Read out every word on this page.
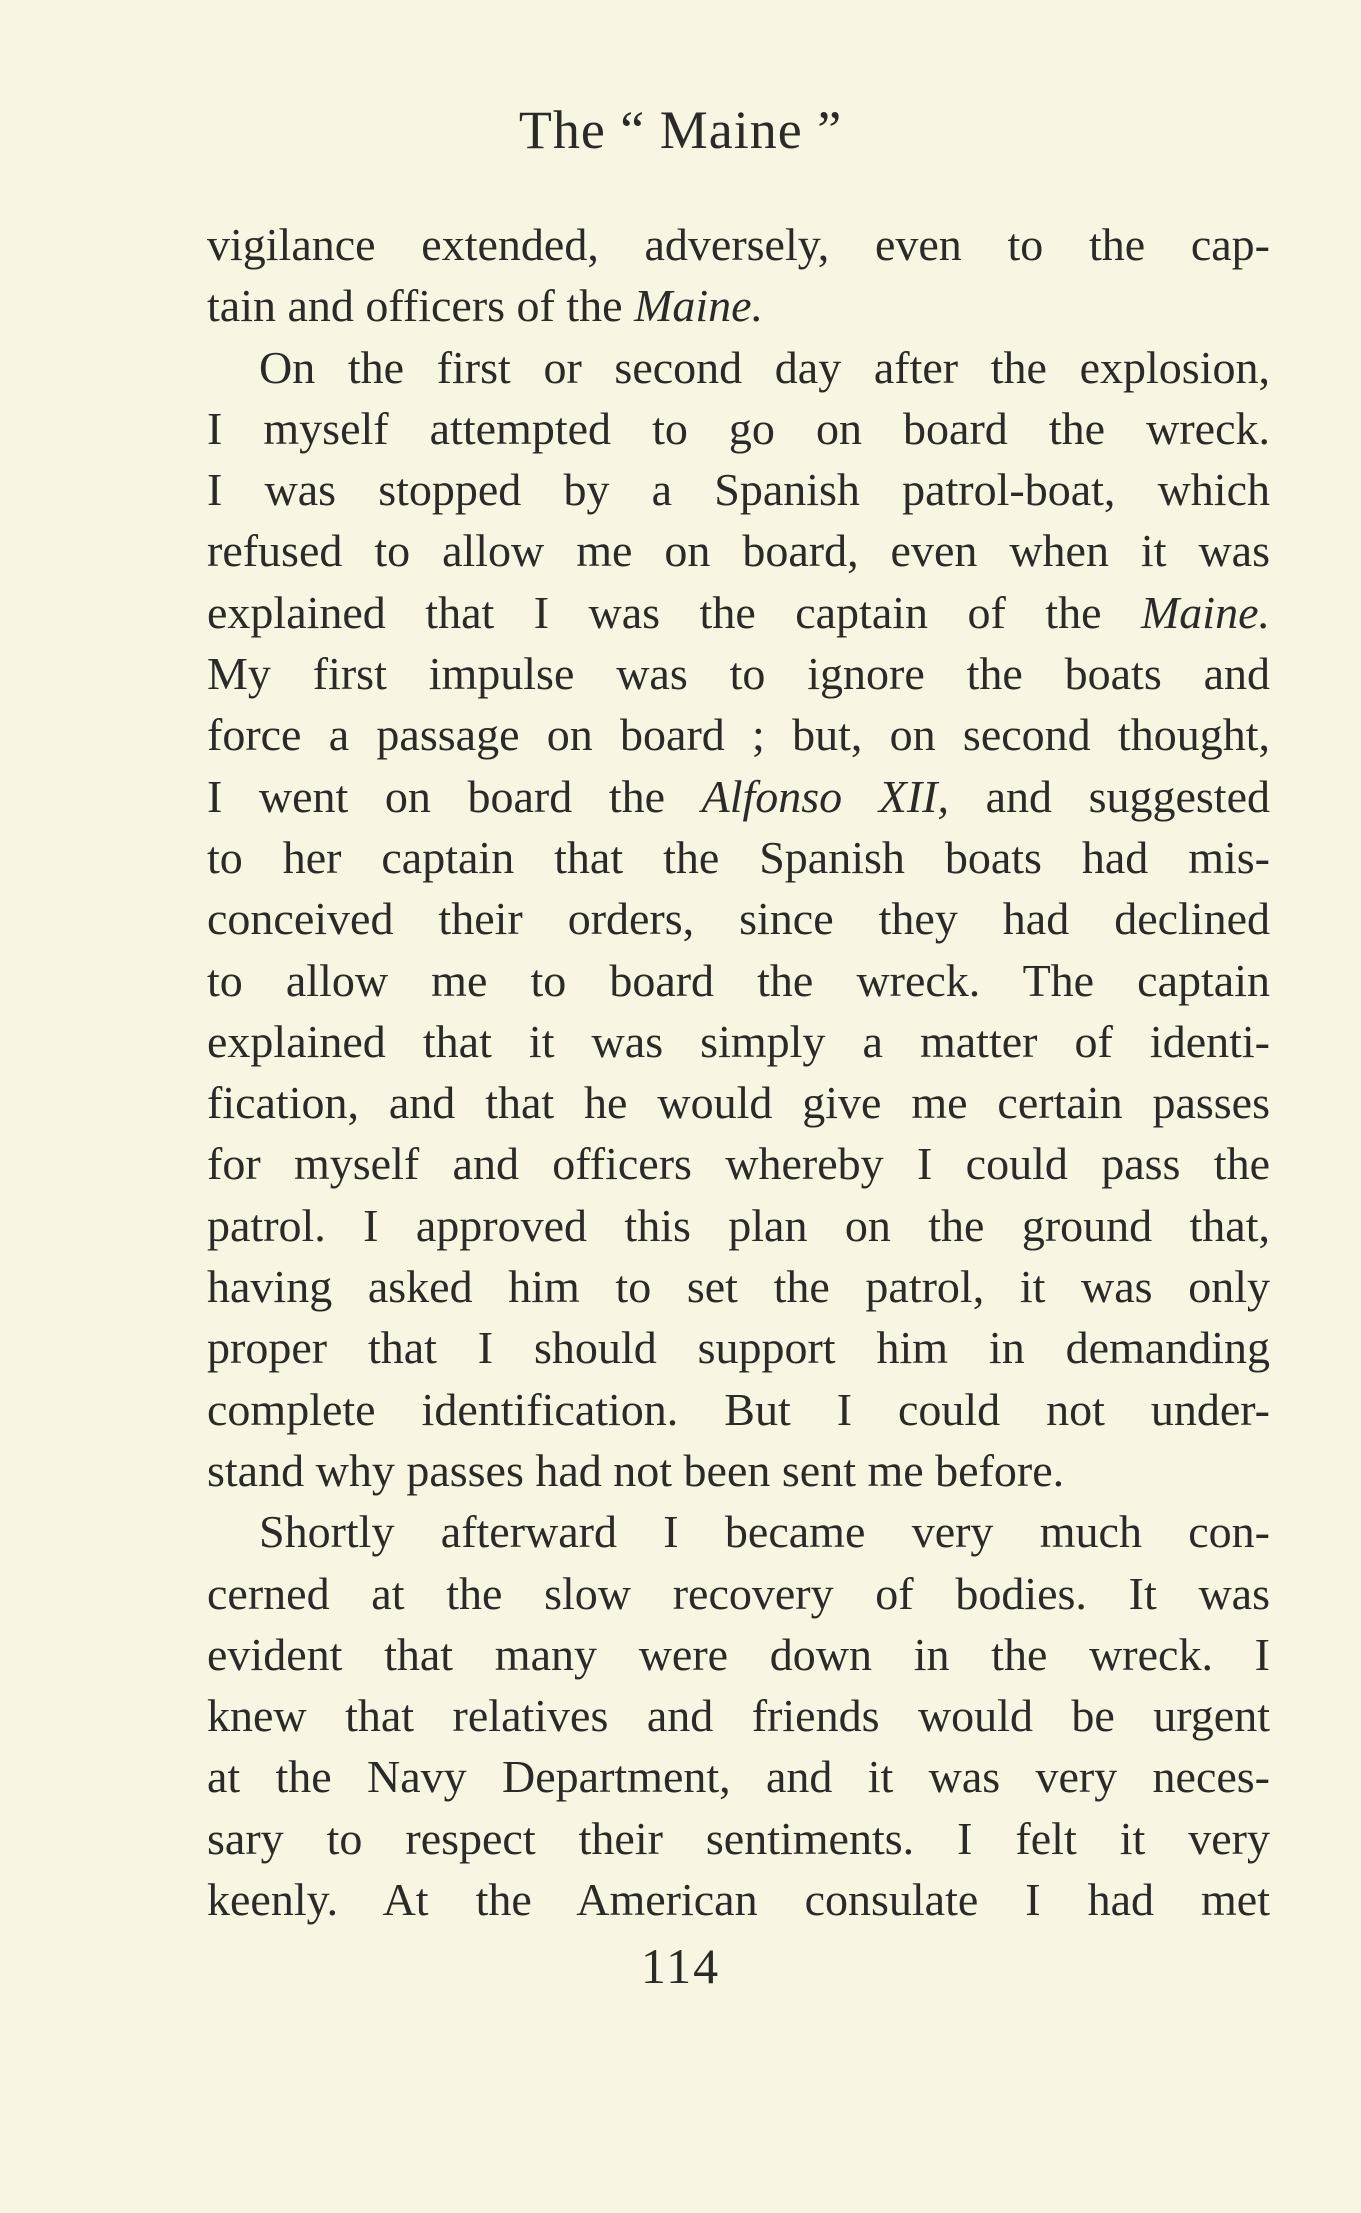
The “ Maine ”
vigilance extended, adversely, even to the cap-
tain and officers of the Maine.
On the first or second day after the explosion,
I myself attempted to go on board the wreck.
I was stopped by a Spanish patrol-boat, which
refused to allow me on board, even when it was
explained that I was the captain of the Maine.
My first impulse was to ignore the boats and
force a passage on board ; but, on second thought,
I went on board the Alfonso XII, and suggested
to her captain that the Spanish boats had mis-
conceived their orders, since they had declined
to allow me to board the wreck. The captain
explained that it was simply a matter of identi-
fication, and that he would give me certain passes
for myself and officers whereby I could pass the
patrol. I approved this plan on the ground that,
having asked him to set the patrol, it was only
proper that I should support him in demanding
complete identification. But I could not under-
stand why passes had not been sent me before.
Shortly afterward I became very much con-
cerned at the slow recovery of bodies. It was
evident that many were down in the wreck. I
knew that relatives and friends would be urgent
at the Navy Department, and it was very neces-
sary to respect their sentiments. I felt it very
keenly. At the American consulate I had met
114
